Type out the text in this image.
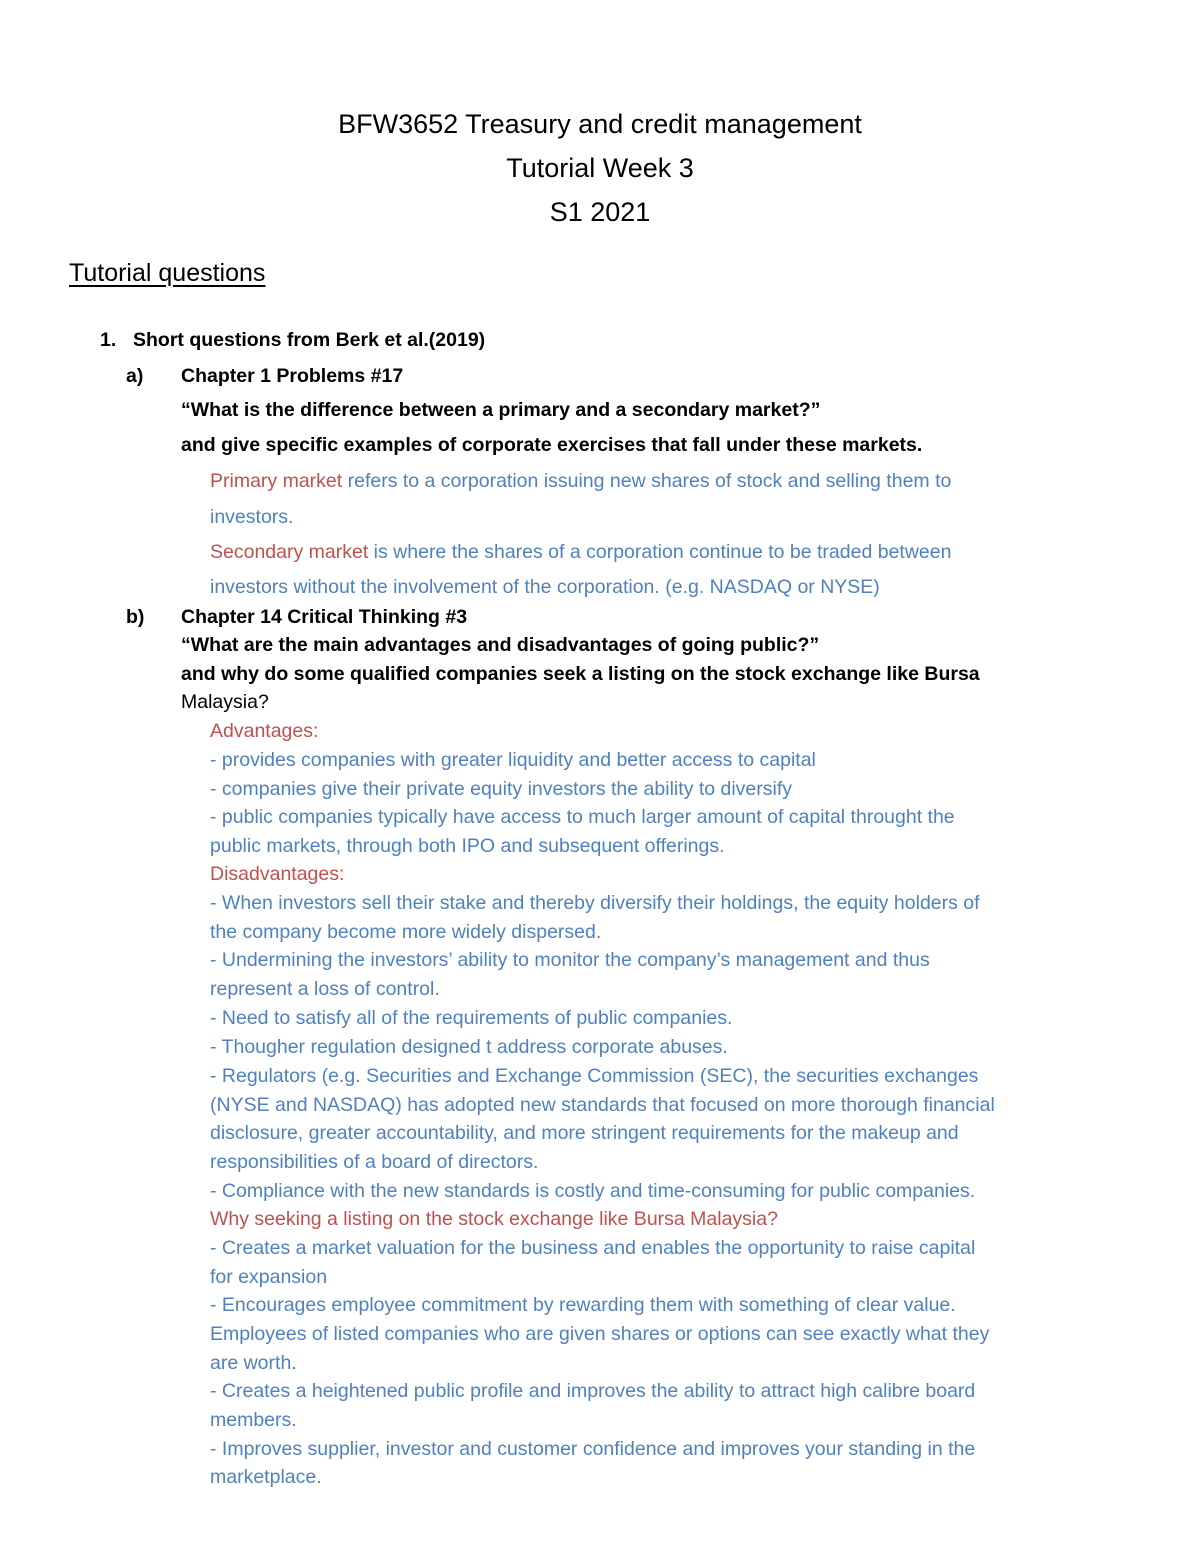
BFW3652 Treasury and credit management
Tutorial Week 3
S1 2021
Tutorial questions
1. Short questions from Berk et al.(2019)
a) Chapter 1 Problems #17
“What is the difference between a primary and a secondary market?”
and give specific examples of corporate exercises that fall under these markets.
Primary market refers to a corporation issuing new shares of stock and selling them to
investors.
Secondary market is where the shares of a corporation continue to be traded between
investors without the involvement of the corporation. (e.g. NASDAQ or NYSE)
b) Chapter 14 Critical Thinking #3
“What are the main advantages and disadvantages of going public?”
and why do some qualified companies seek a listing on the stock exchange like Bursa
Malaysia?
Advantages:
- provides companies with greater liquidity and better access to capital
- companies give their private equity investors the ability to diversify
- public companies typically have access to much larger amount of capital throught the
public markets, through both IPO and subsequent offerings.
Disadvantages:
- When investors sell their stake and thereby diversify their holdings, the equity holders of
the company become more widely dispersed.
- Undermining the investors’ ability to monitor the company’s management and thus
represent a loss of control.
- Need to satisfy all of the requirements of public companies.
- Thougher regulation designed t address corporate abuses.
- Regulators (e.g. Securities and Exchange Commission (SEC), the securities exchanges
(NYSE and NASDAQ) has adopted new standards that focused on more thorough financial
disclosure, greater accountability, and more stringent requirements for the makeup and
responsibilities of a board of directors.
- Compliance with the new standards is costly and time-consuming for public companies.
Why seeking a listing on the stock exchange like Bursa Malaysia?
- Creates a market valuation for the business and enables the opportunity to raise capital
for expansion
- Encourages employee commitment by rewarding them with something of clear value.
Employees of listed companies who are given shares or options can see exactly what they
are worth.
- Creates a heightened public profile and improves the ability to attract high calibre board
members.
- Improves supplier, investor and customer confidence and improves your standing in the
marketplace.
